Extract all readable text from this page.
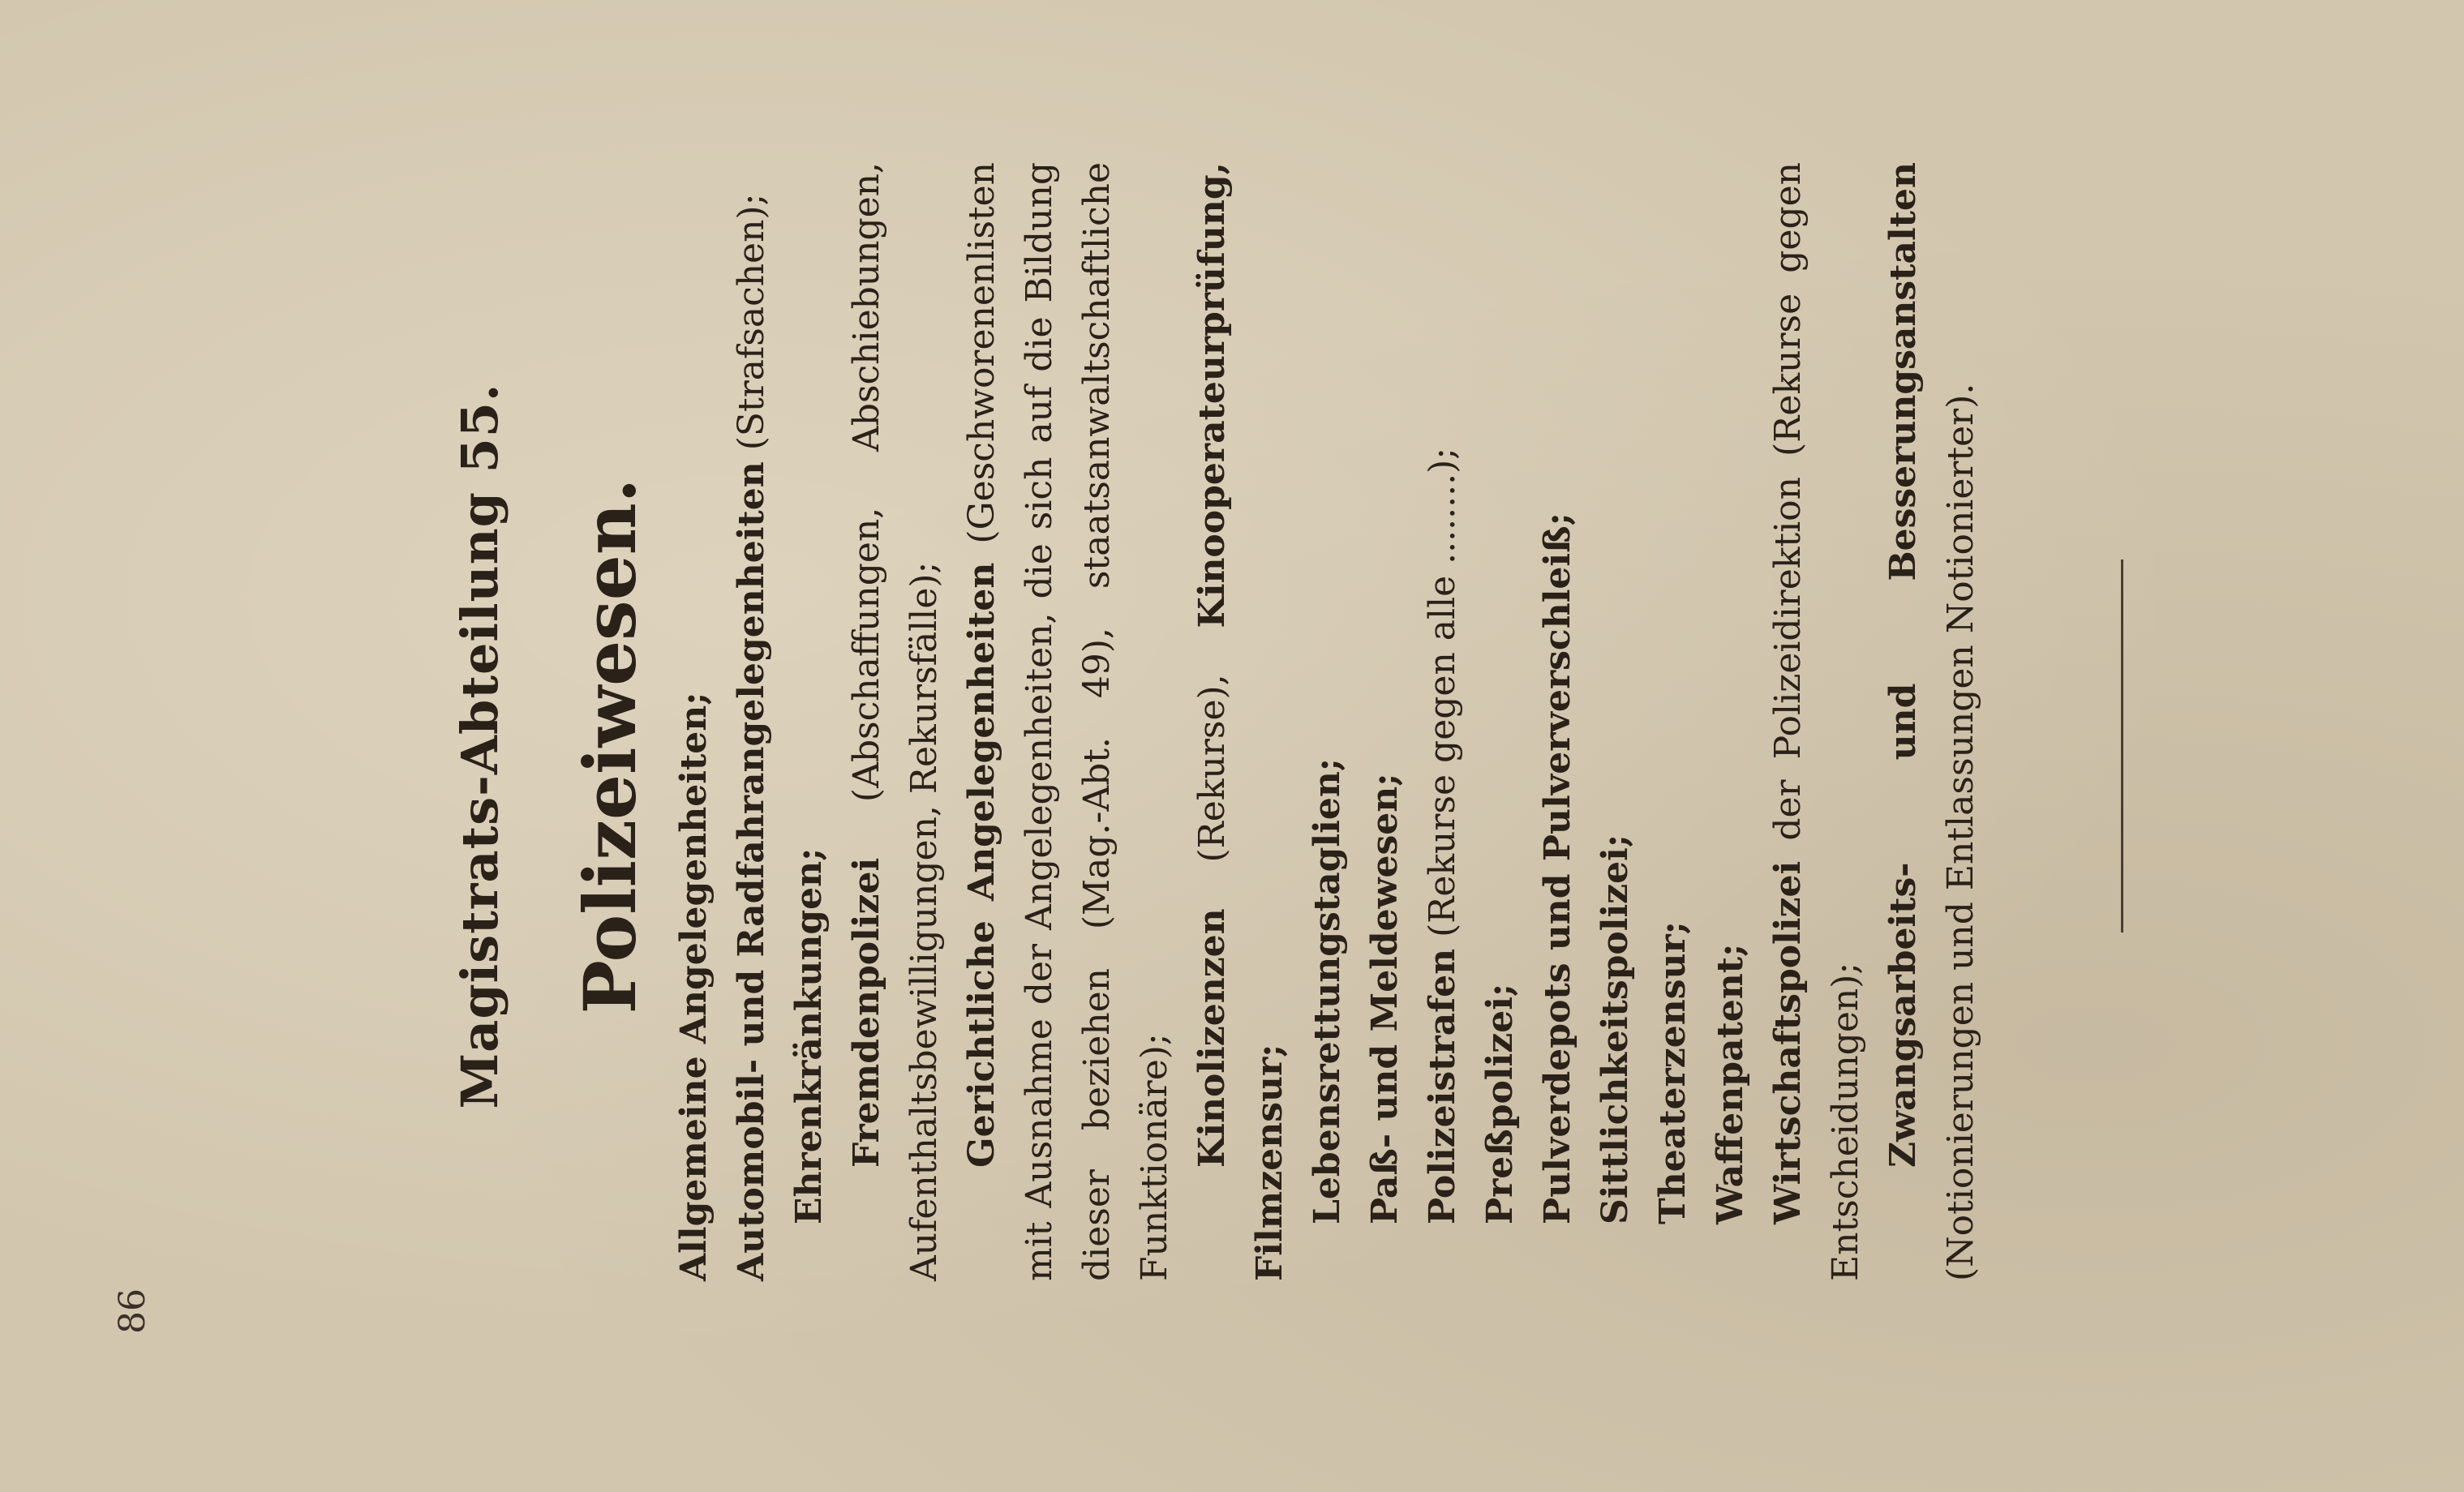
86
Magistrats-Abteilung 55. Polizeiwesen. Allgemeine Angelegenheiten; Automobil- und Radfahrangelegenheiten (Strafsachen);

Ehrenkränkungen; Fremdenpolizei (Abschaffungen, Abschiebungen, Aufenthaltsbewilligungen, Rekursfälle); Gerichtliche Angelegenheiten (Geschworenenlisten mit Ausnahme der Angelegenheiten, die sich auf die Bildung dieser beziehen (Mag.-Abt. 49), staatsanwaltschaftliche Funktionäre); Kinolizenzen (Rekurse), Kinooperateurprüfung, Filmzensur; Lebensrettungstaglien; Paß- und Meldewesen; Polizeistrafen (Rekurse gegen alle ........);

Preßpolizei; Pulverdepots und Pulververschleiß; Sittlichkeitspolizei; Theaterzensur; Waffenpatent; Wirtschaftspolizei der Polizeidirektion (Rekurse gegen Entscheidungen); Zwangsarbeits- und Besserungsanstalten (Notionierungen und Entlassungen Notionierter).
